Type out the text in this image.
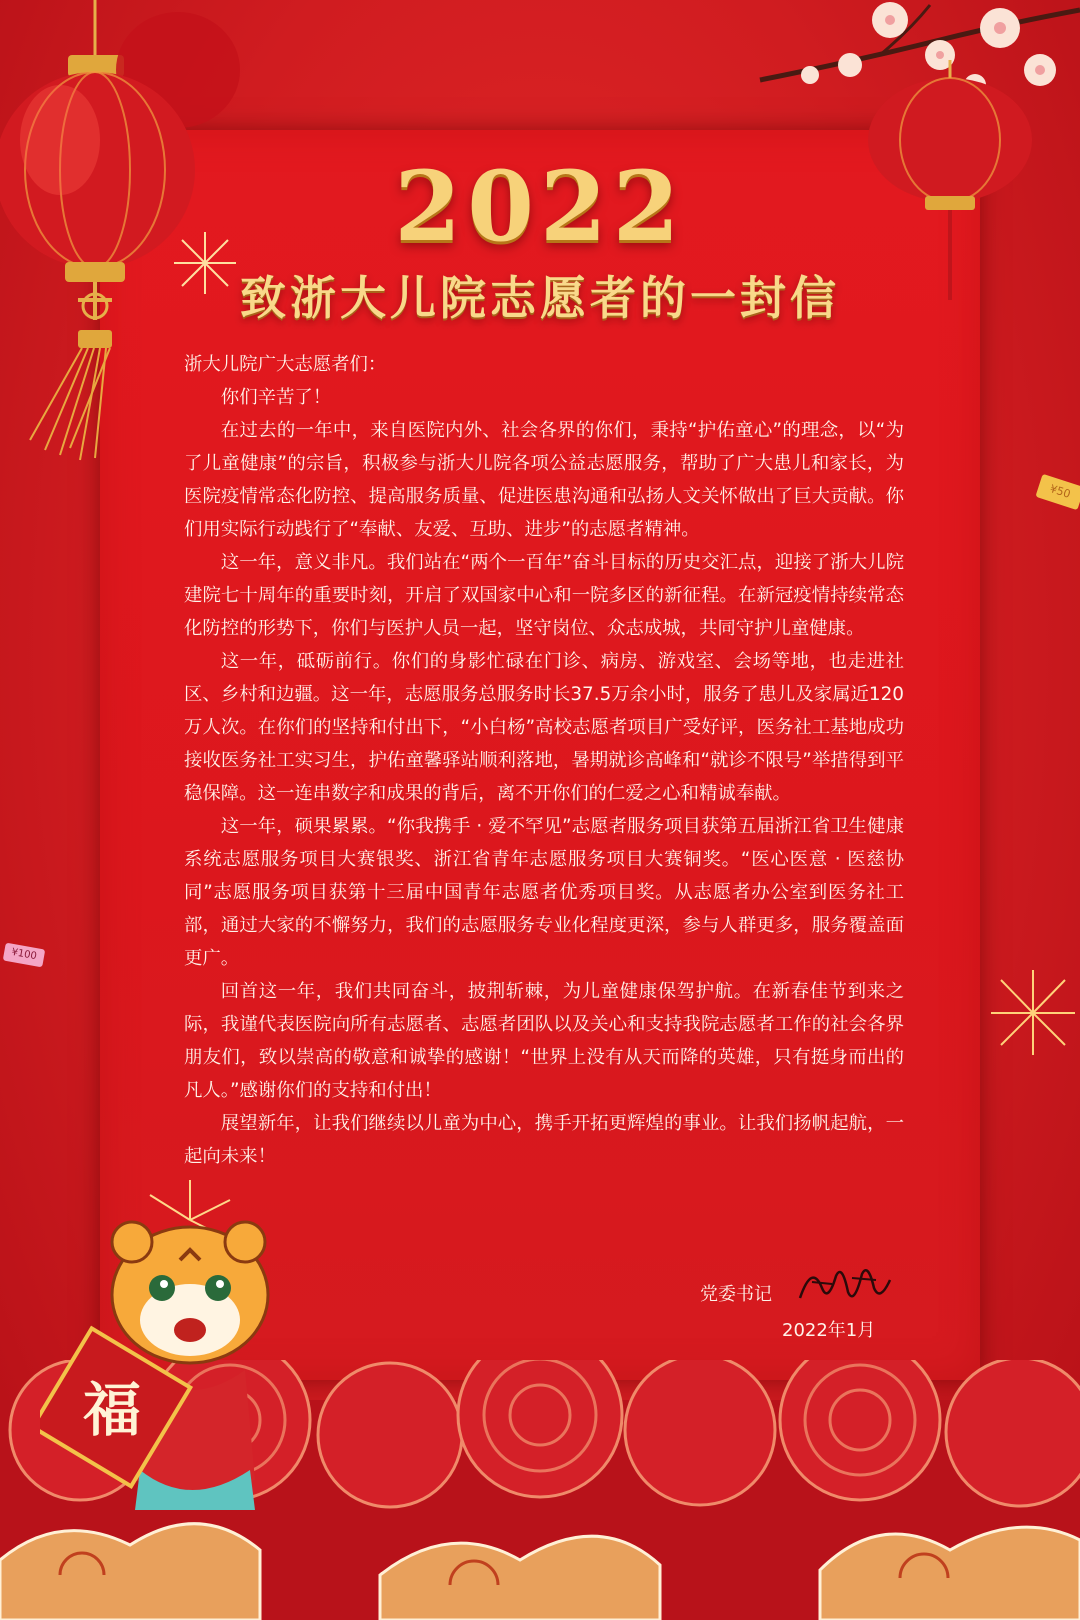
2022
致浙大儿院志愿者的一封信

浙大儿院广大志愿者们：

你们辛苦了！

在过去的一年中，来自医院内外、社会各界的你们，秉持“护佑童心”的理念，以“为了儿童健康”的宗旨，积极参与浙大儿院各项公益志愿服务，帮助了广大患儿和家长，为医院疫情常态化防控、提高服务质量、促进医患沟通和弘扬人文关怀做出了巨大贡献。你们用实际行动践行了“奉献、友爱、互助、进步”的志愿者精神。

这一年，意义非凡。我们站在“两个一百年”奋斗目标的历史交汇点，迎接了浙大儿院建院七十周年的重要时刻，开启了双国家中心和一院多区的新征程。在新冠疫情持续常态化防控的形势下，你们与医护人员一起，坚守岗位、众志成城，共同守护儿童健康。

这一年，砥砺前行。你们的身影忙碌在门诊、病房、游戏室、会场等地，也走进社区、乡村和边疆。这一年，志愿服务总服务时长37.5万余小时，服务了患儿及家属近120万人次。在你们的坚持和付出下，“小白杨”高校志愿者项目广受好评，医务社工基地成功接收医务社工实习生，护佑童馨驿站顺利落地，暑期就诊高峰和“就诊不限号”举措得到平稳保障。这一连串数字和成果的背后，离不开你们的仁爱之心和精诚奉献。

这一年，硕果累累。“你我携手 · 爱不罕见”志愿者服务项目获第五届浙江省卫生健康系统志愿服务项目大赛银奖、浙江省青年志愿服务项目大赛铜奖。“医心医意 · 医慈协同”志愿服务项目获第十三届中国青年志愿者优秀项目奖。从志愿者办公室到医务社工部，通过大家的不懈努力，我们的志愿服务专业化程度更深，参与人群更多，服务覆盖面更广。

回首这一年，我们共同奋斗，披荆斩棘，为儿童健康保驾护航。在新春佳节到来之际，我谨代表医院向所有志愿者、志愿者团队以及关心和支持我院志愿者工作的社会各界朋友们，致以崇高的敬意和诚挚的感谢！“世界上没有从天而降的英雄，只有挺身而出的凡人。”感谢你们的支持和付出！

展望新年，让我们继续以儿童为中心，携手开拓更辉煌的事业。让我们扬帆起航，一起向未来！

党委书记
2022年1月
¥50
¥100
福
